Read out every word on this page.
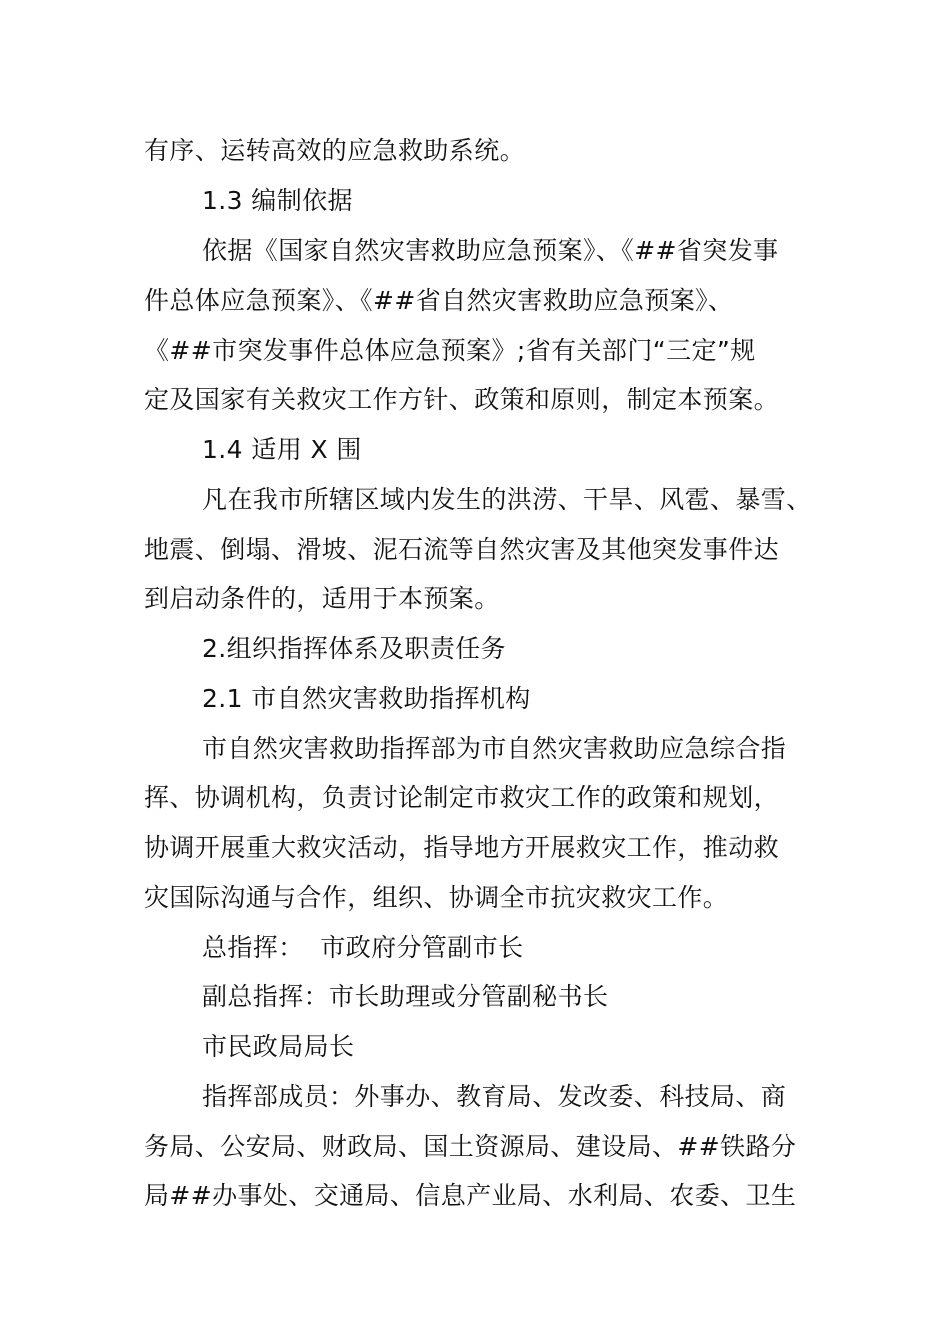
有序、运转高效的应急救助系统。
1.3 编制依据
依据《国家自然灾害救助应急预案》、《##省突发事
件总体应急预案》、《##省自然灾害救助应急预案》、
《##市突发事件总体应急预案》;省有关部门“三定”规
定及国家有关救灾工作方针、政策和原则，制定本预案。
1.4 适用 X 围
凡在我市所辖区域内发生的洪涝、干旱、风雹、暴雪、
地震、倒塌、滑坡、泥石流等自然灾害及其他突发事件达
到启动条件的，适用于本预案。
2.组织指挥体系及职责任务
2.1 市自然灾害救助指挥机构
市自然灾害救助指挥部为市自然灾害救助应急综合指
挥、协调机构，负责讨论制定市救灾工作的政策和规划，
协调开展重大救灾活动，指导地方开展救灾工作，推动救
灾国际沟通与合作，组织、协调全市抗灾救灾工作。
总指挥：  市政府分管副市长
副总指挥：市长助理或分管副秘书长
市民政局局长
指挥部成员：外事办、教育局、发改委、科技局、商
务局、公安局、财政局、国土资源局、建设局、##铁路分
局##办事处、交通局、信息产业局、水利局、农委、卫生
